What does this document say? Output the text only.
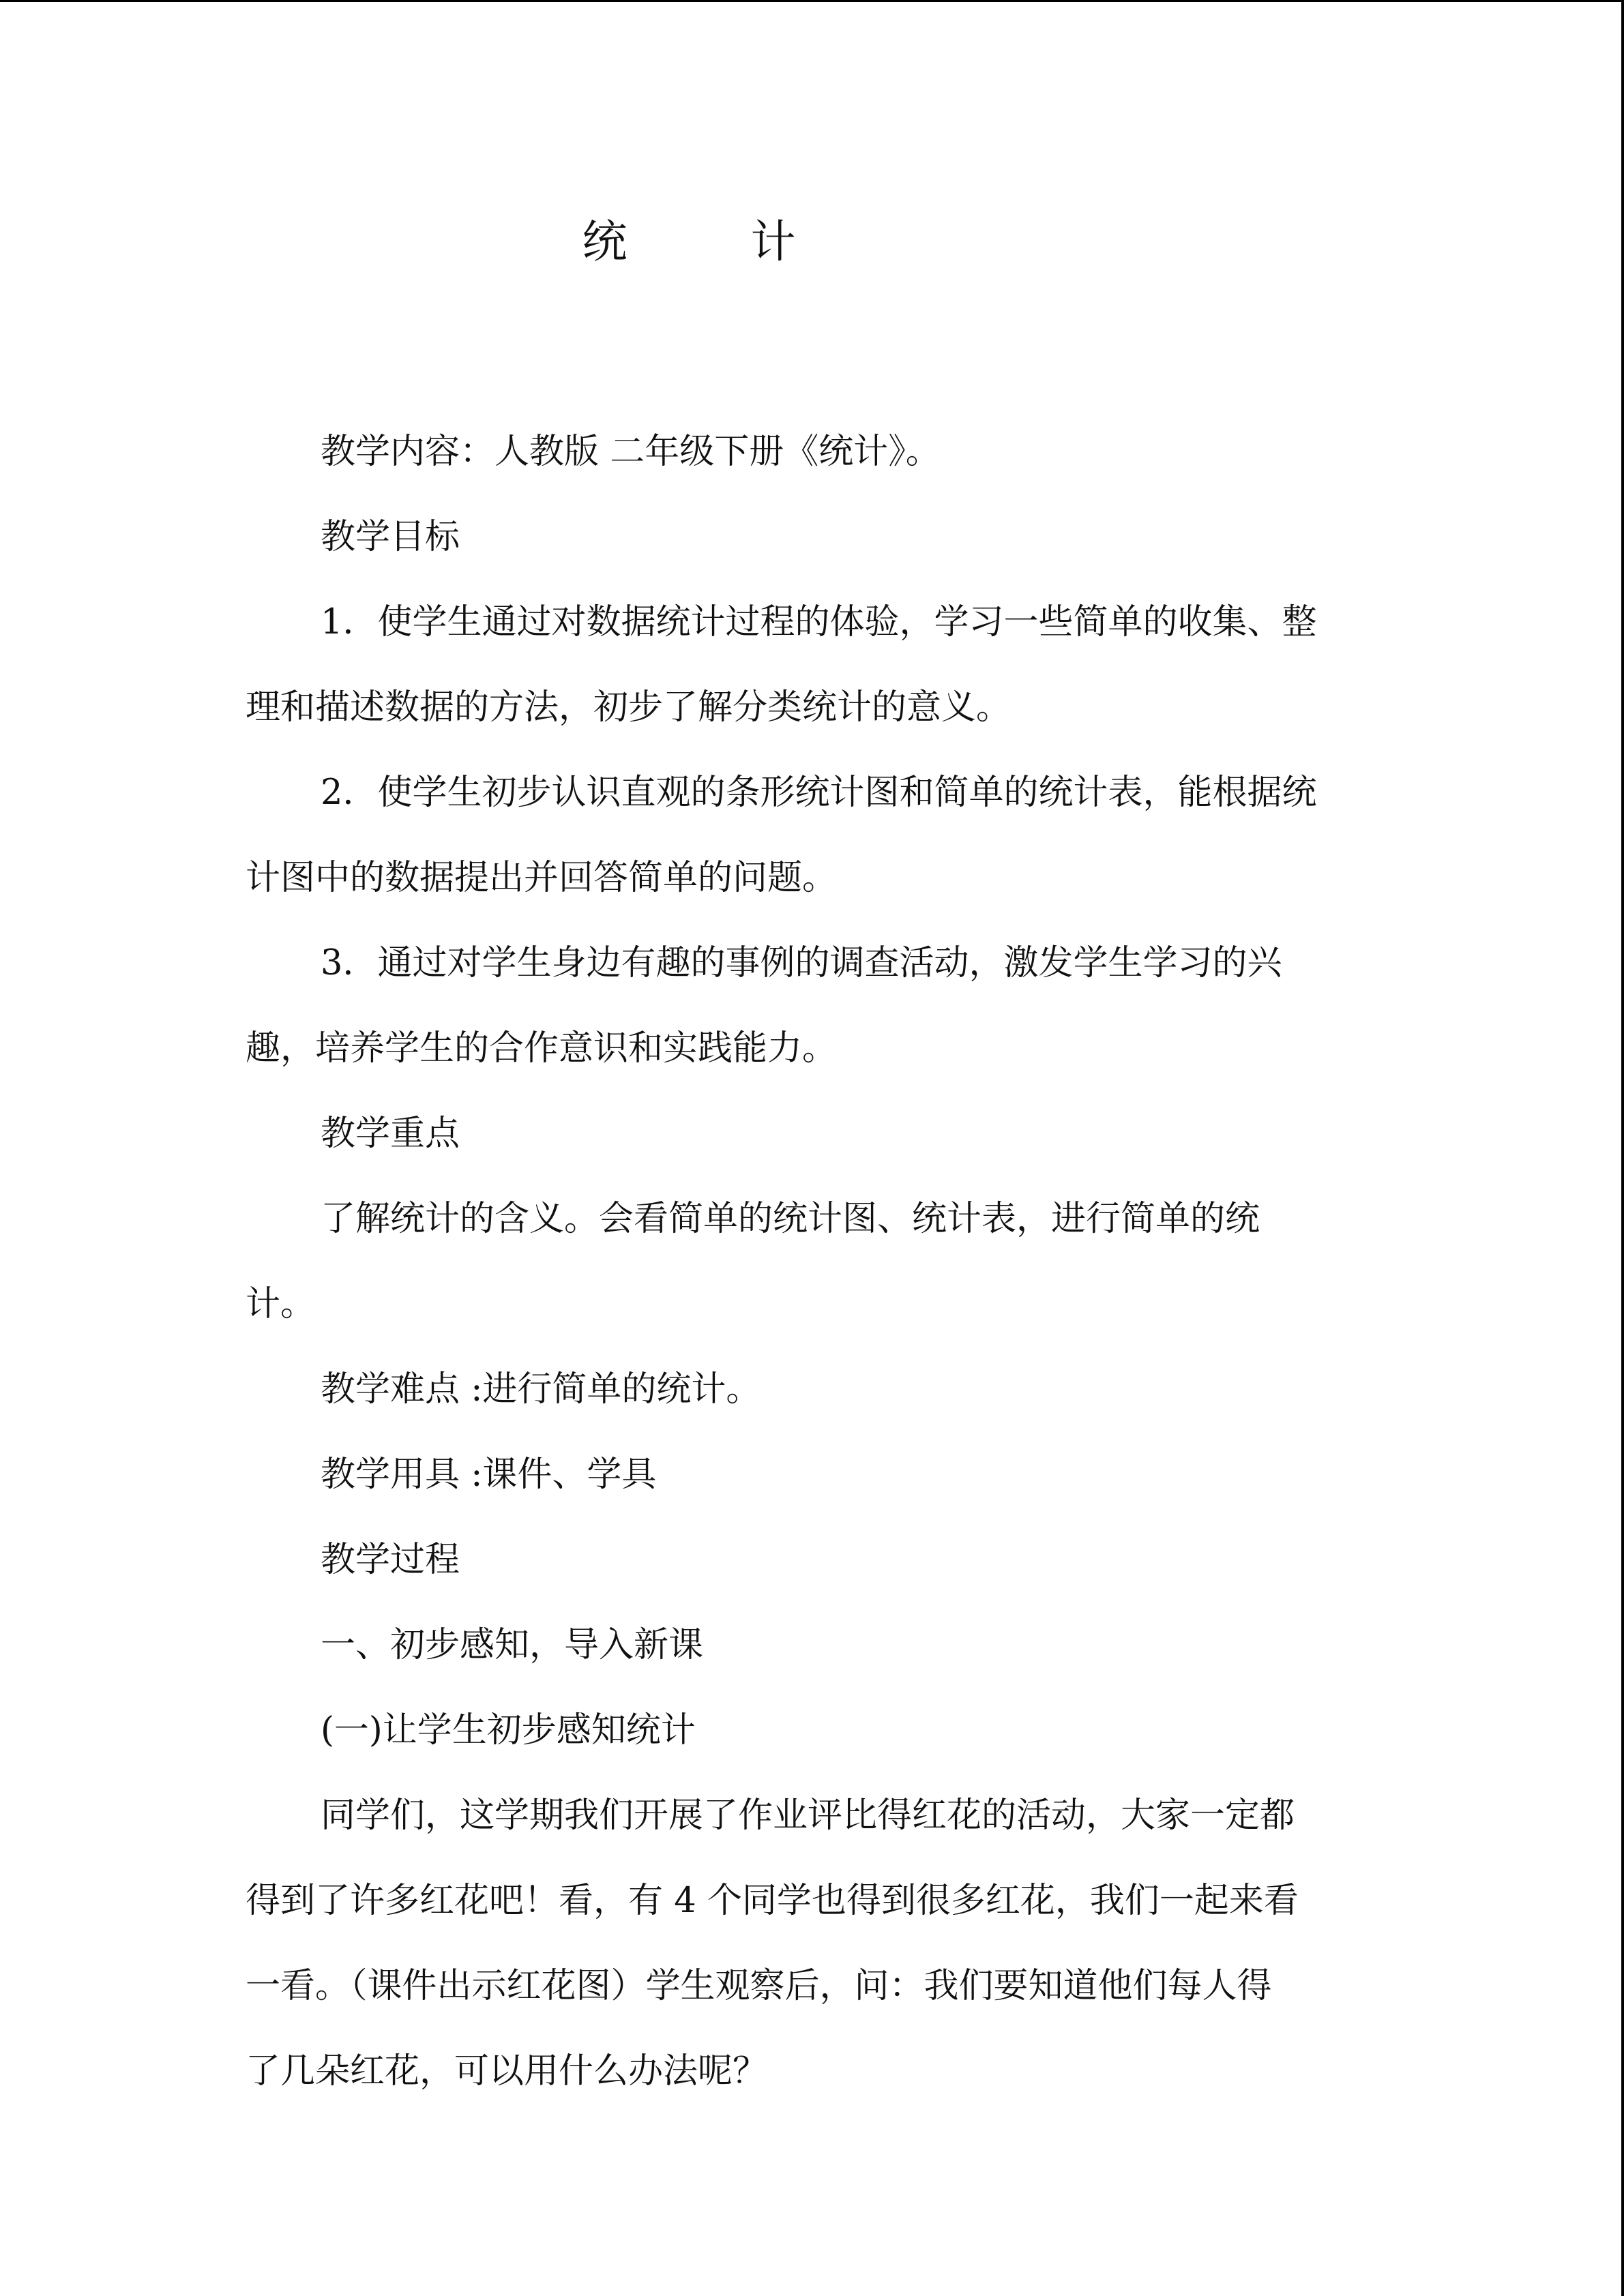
统 计
教学内容：人教版 二年级下册《统计》。
教学目标
1．使学生通过对数据统计过程的体验，学习一些简单的收集、整
理和描述数据的方法，初步了解分类统计的意义。
2．使学生初步认识直观的条形统计图和简单的统计表，能根据统
计图中的数据提出并回答简单的问题。
3．通过对学生身边有趣的事例的调查活动，激发学生学习的兴
趣，培养学生的合作意识和实践能力。
教学重点
了解统计的含义。会看简单的统计图、统计表，进行简单的统
计。
教学难点 :进行简单的统计。
教学用具 :课件、学具
教学过程
一、初步感知，导入新课
(一)让学生初步感知统计
同学们，这学期我们开展了作业评比得红花的活动，大家一定都
得到了许多红花吧！看，有 4 个同学也得到很多红花，我们一起来看
一看。（课件出示红花图）学生观察后，问：我们要知道他们每人得
了几朵红花，可以用什么办法呢？
